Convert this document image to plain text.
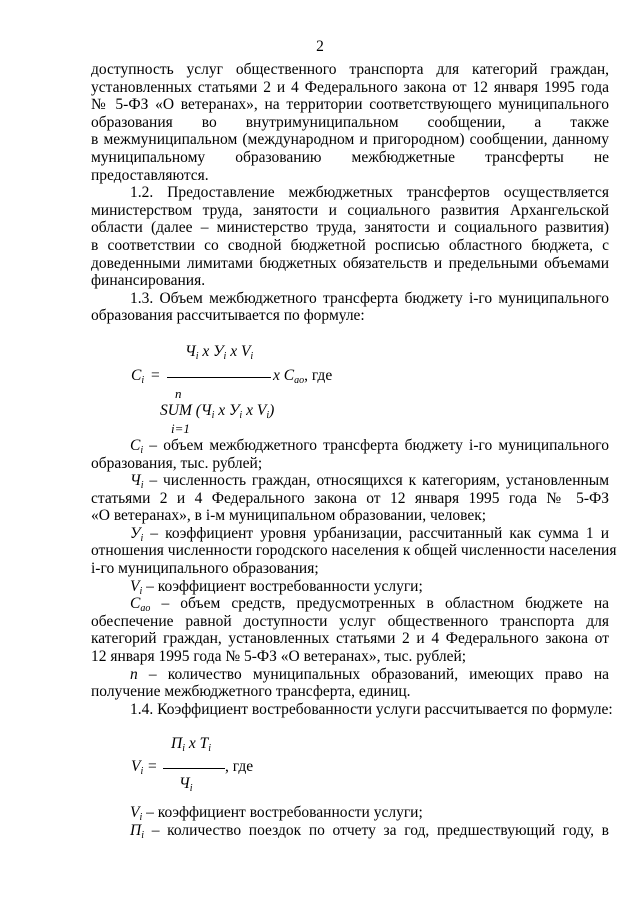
2

доступность услуг общественного транспорта для категорий граждан,

установленных статьями 2 и 4 Федерального закона от 12 января 1995 года

№ 5-ФЗ «О ветеранах», на территории соответствующего муниципального

образования во внутримуниципальном сообщении, а также

в межмуниципальном (международном и пригородном) сообщении, данному

муниципальному образованию межбюджетные трансферты не

предоставляются.

1.2. Предоставление межбюджетных трансфертов осуществляется

министерством труда, занятости и социального развития Архангельской

области (далее – министерство труда, занятости и социального развития)

в соответствии со сводной бюджетной росписью областного бюджета, с

доведенными лимитами бюджетных обязательств и предельными объемами

финансирования.

1.3. Объем межбюджетного трансферта бюджету i-го муниципального

образования рассчитывается по формуле:

$Ч_i$ x $У_i$ x $V_i$
$C_i$ =	x $C_{ао}$, где
n
SUM ($Ч_i$ x $У_i$ x $V_i$)
i=1

$C_i$ – объем межбюджетного трансферта бюджету i-го муниципального

образования, тыс. рублей;

$Ч_i$ – численность граждан, относящихся к категориям, установленным

статьями 2 и 4 Федерального закона от 12 января 1995 года № 5-ФЗ

«О ветеранах», в i-м муниципальном образовании, человек;

$У_i$ – коэффициент уровня урбанизации, рассчитанный как сумма 1 и

отношения численности городского населения к общей численности населения

i-го муниципального образования;

$V_i$ – коэффициент востребованности услуги;

$C_{ао}$ – объем средств, предусмотренных в областном бюджете на

обеспечение равной доступности услуг общественного транспорта для

категорий граждан, установленных статьями 2 и 4 Федерального закона от

12 января 1995 года № 5-ФЗ «О ветеранах», тыс. рублей;

n – количество муниципальных образований, имеющих право на

получение межбюджетного трансферта, единиц.

1.4. Коэффициент востребованности услуги рассчитывается по формуле:

$П_i$ x $T_i$
$V_i$ =	, где
$Ч_i$

$V_i$ – коэффициент востребованности услуги;

$П_i$ – количество поездок по отчету за год, предшествующий году, в
